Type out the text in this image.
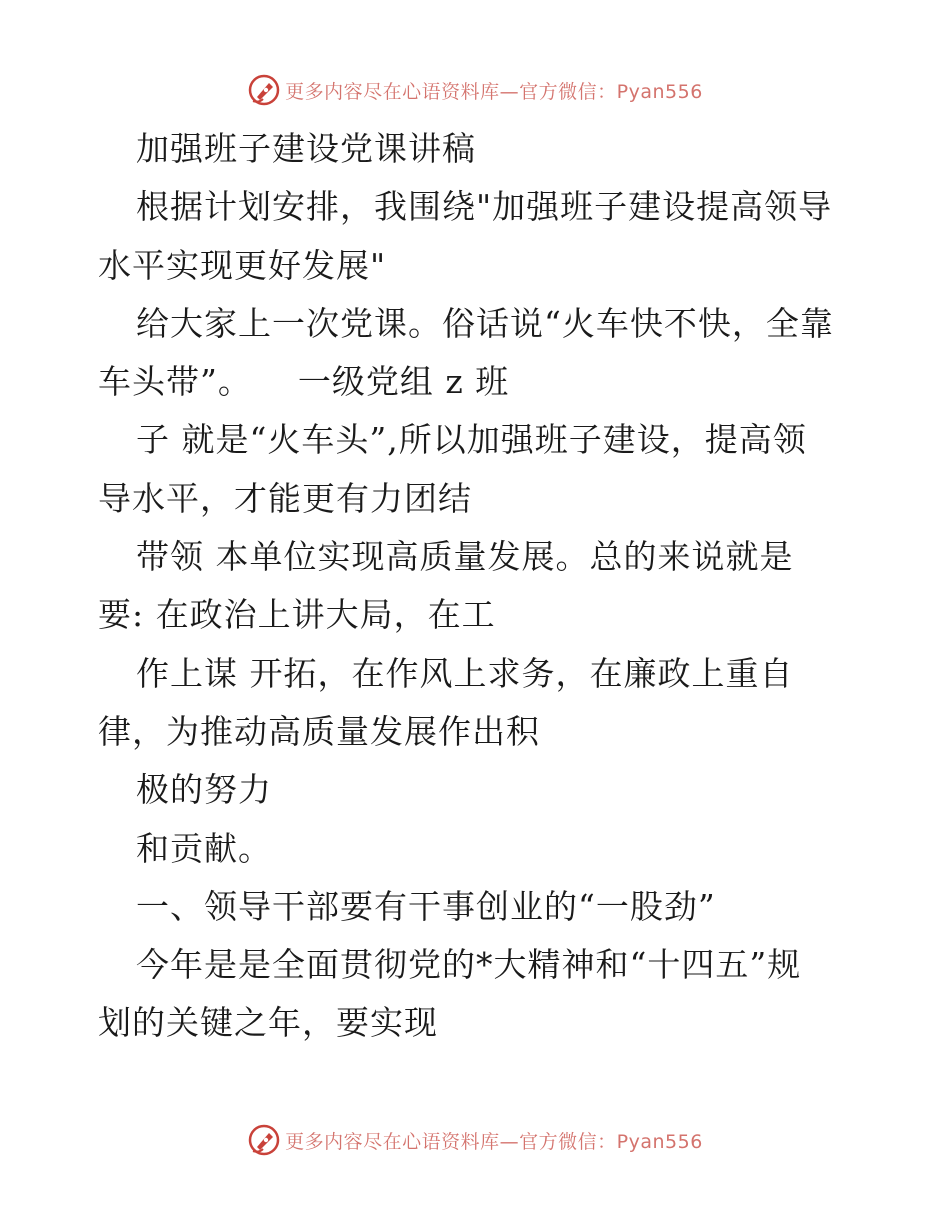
更多内容尽在心语资料库—官方微信：Pyan556
加强班子建设党课讲稿
根据计划安排，我围绕"加强班子建设提高领导
水平实现更好发展"
给大家上一次党课。俗话说“火车快不快，全靠
车头带”。    一级党组 z 班
子 就是“火车头”,所以加强班子建设，提高领
导水平，才能更有力团结
带领 本单位实现高质量发展。总的来说就是
要: 在政治上讲大局，在工
作上谋 开拓，在作风上求务，在廉政上重自
律，为推动高质量发展作出积
极的努力
和贡献。
一、领导干部要有干事创业的“一股劲”
今年是是全面贯彻党的*大精神和“十四五”规
划的关键之年，要实现
更多内容尽在心语资料库—官方微信：Pyan556
